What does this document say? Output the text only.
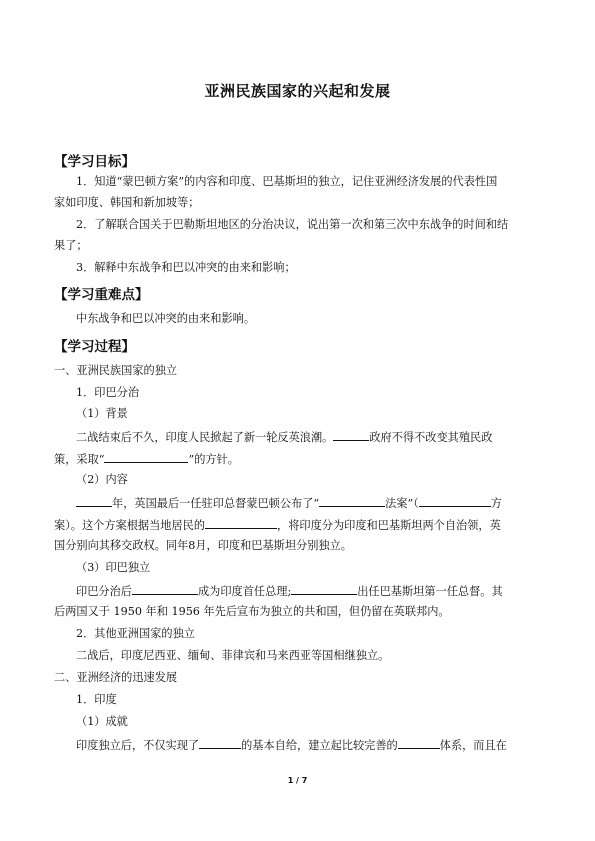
亚洲民族国家的兴起和发展
【学习目标】
1．知道“蒙巴顿方案”的内容和印度、巴基斯坦的独立，记住亚洲经济发展的代表性国
家如印度、韩国和新加坡等；
2．了解联合国关于巴勒斯坦地区的分治决议，说出第一次和第三次中东战争的时间和结
果了；
3．解释中东战争和巴以冲突的由来和影响；
【学习重难点】
中东战争和巴以冲突的由来和影响。
【学习过程】
一、亚洲民族国家的独立
1．印巴分治
（1）背景
二战结束后不久，印度人民掀起了新一轮反英浪潮。	政府不得不改变其殖民政
策，采取“	”的方针。
（2）内容
年，英国最后一任驻印总督蒙巴顿公布了“	法案”（	方
案）。这个方案根据当地居民的	，将印度分为印度和巴基斯坦两个自治领，英
国分别向其移交政权。同年8月，印度和巴基斯坦分别独立。
（3）印巴独立
印巴分治后	成为印度首任总理;	出任巴基斯坦第一任总督。其
后两国又于 1950 年和 1956 年先后宣布为独立的共和国，但仍留在英联邦内。
2．其他亚洲国家的独立
二战后，印度尼西亚、缅甸、菲律宾和马来西亚等国相继独立。
二、亚洲经济的迅速发展
1．印度
（1）成就
印度独立后，不仅实现了	的基本自给，建立起比较完善的	体系，而且在
1 / 7
